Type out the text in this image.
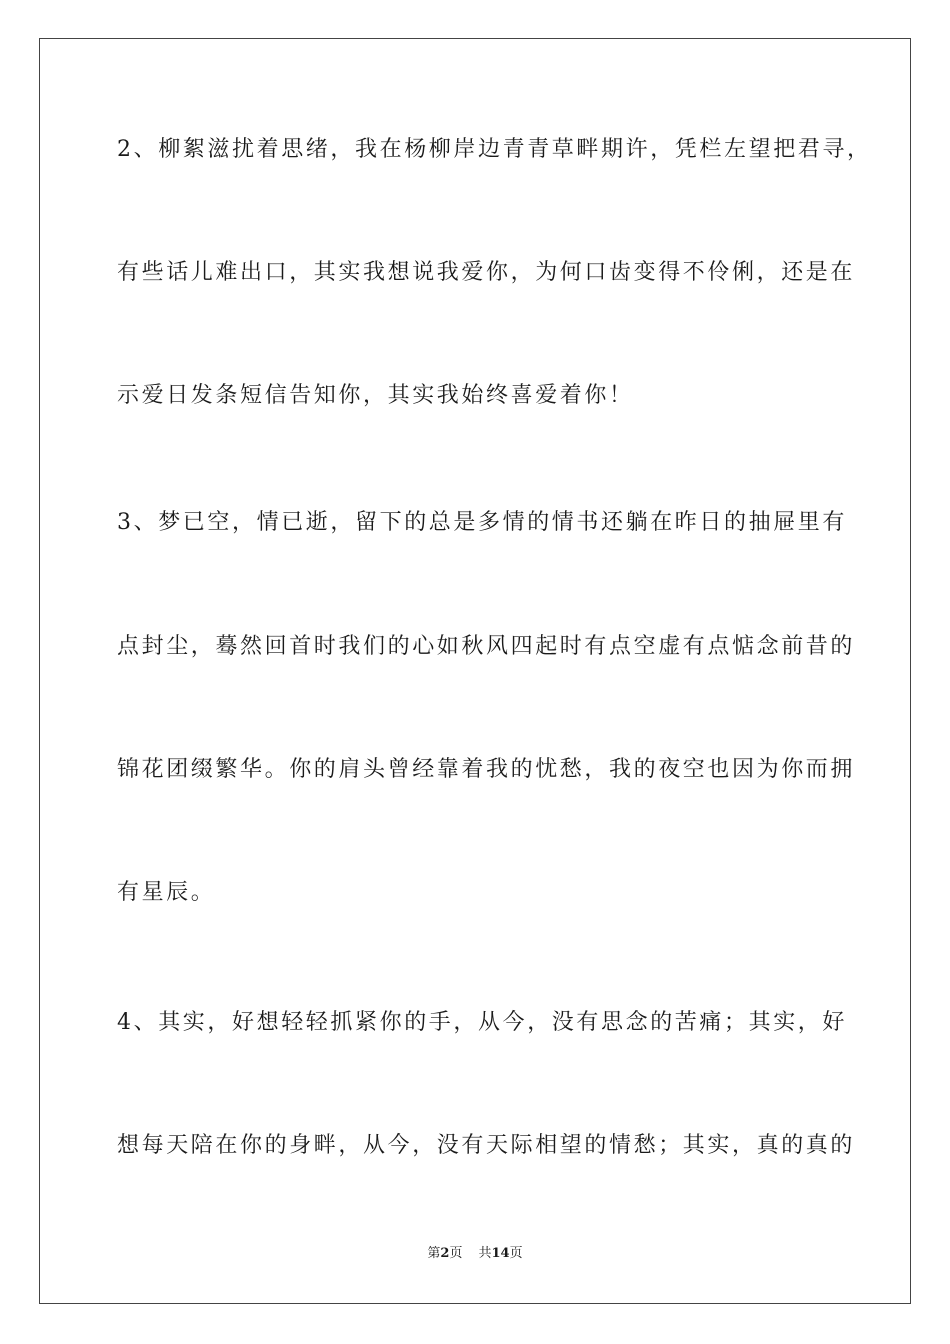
2、柳絮滋扰着思绪，我在杨柳岸边青青草畔期许，凭栏左望把君寻，
有些话儿难出口，其实我想说我爱你，为何口齿变得不伶俐，还是在
示爱日发条短信告知你，其实我始终喜爱着你！
3、梦已空，情已逝，留下的总是多情的情书还躺在昨日的抽屉里有
点封尘，蓦然回首时我们的心如秋风四起时有点空虚有点惦念前昔的
锦花团缀繁华。你的肩头曾经靠着我的忧愁，我的夜空也因为你而拥
有星辰。
4、其实，好想轻轻抓紧你的手，从今，没有思念的苦痛；其实，好
想每天陪在你的身畔，从今，没有天际相望的情愁；其实，真的真的
第2页 共14页
